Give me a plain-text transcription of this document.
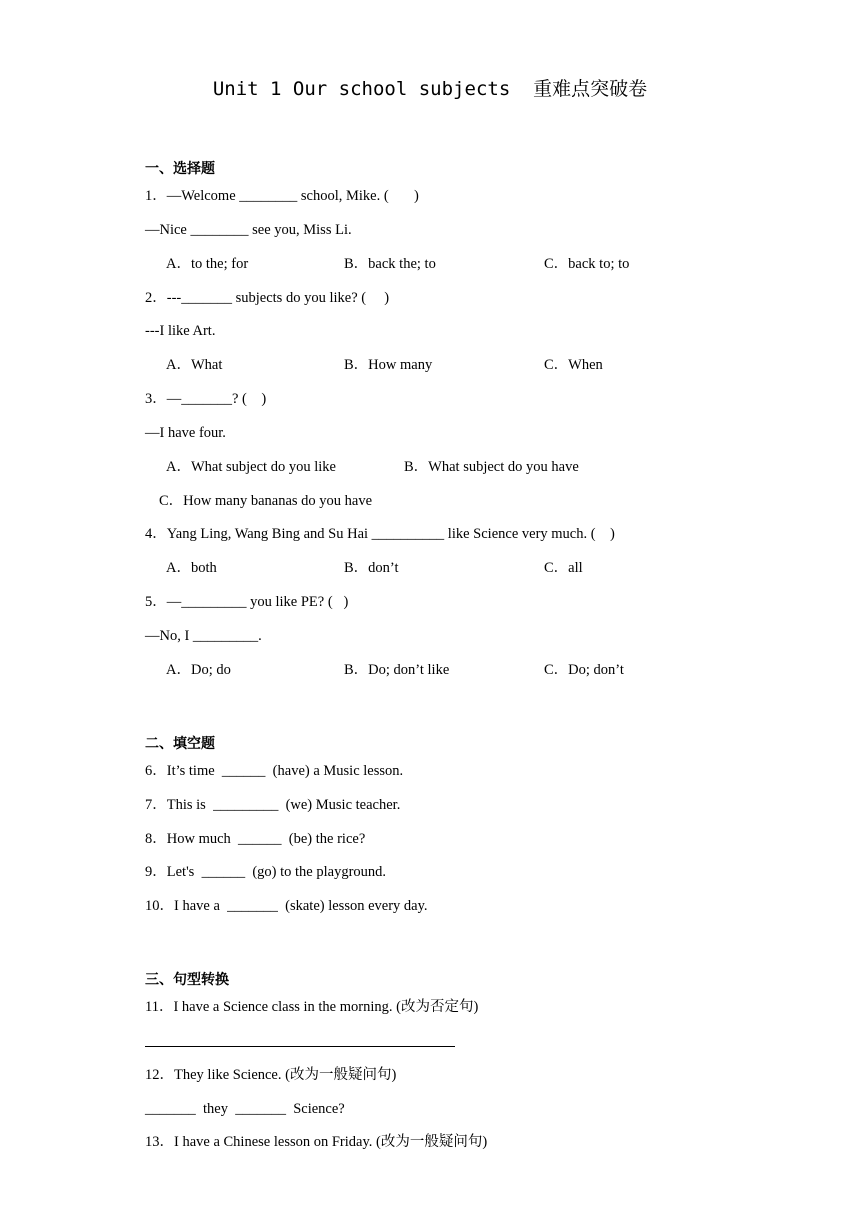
Unit 1 Our school subjects  重难点突破卷
一、选择题
1．—Welcome ________ school, Mike. (       )
—Nice ________ see you, Miss Li.
A．to the; for	B．back the; to	C．back to; to
2．---_______ subjects do you like? (     )
---I like Art.
A．What	B．How many	C．When
3．—_______? (    )
—I have four.
A．What subject do you like	B．What subject do you have
C．How many bananas do you have
4．Yang Ling, Wang Bing and Su Hai __________ like Science very much. (    )
A．both	B．don’t	C．all
5．—_________ you like PE? (   )
—No, I _________.
A．Do; do	B．Do; don’t like	C．Do; don’t
二、填空题
6．It’s time  ______  (have) a Music lesson.
7．This is  _________  (we) Music teacher.
8．How much  ______  (be) the rice?
9．Let's  ______  (go) to the playground.
10．I have a  _______  (skate) lesson every day.
三、句型转换
11．I have a Science class in the morning. (改为否定句)
12．They like Science. (改为一般疑问句)
_______  they  _______  Science?
13．I have a Chinese lesson on Friday. (改为一般疑问句)
